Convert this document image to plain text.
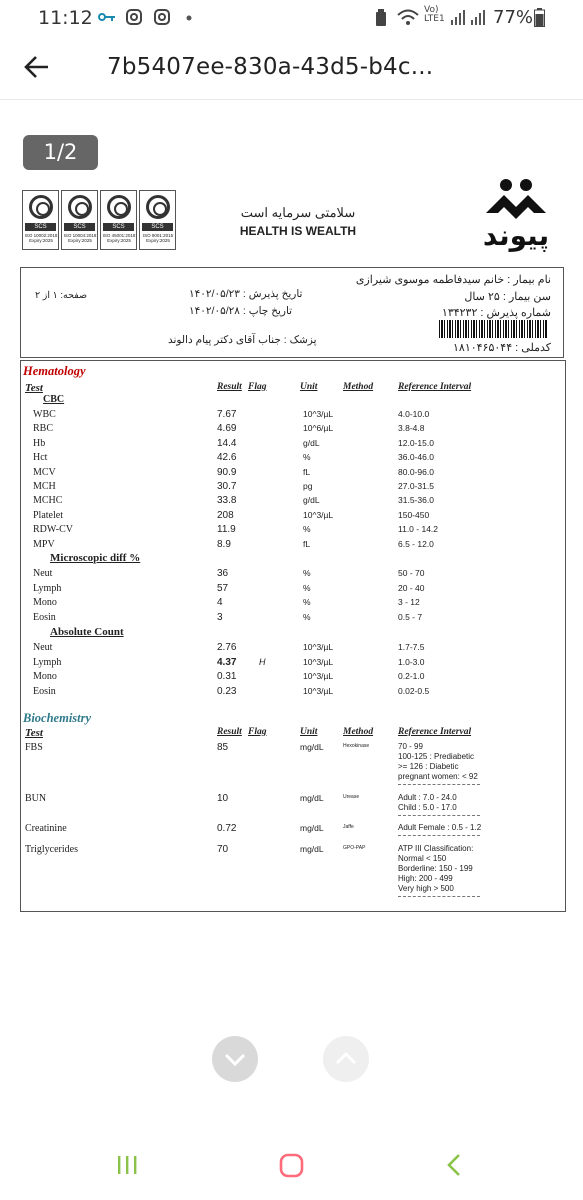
11:12	Vo)
LTE1	77%
7b5407ee-830a-43d5-b4c...
1/2
SCS
ISO 10002:2018 Expiry:2025
SCS
ISO 10004:2018 Expiry:2025
SCS
ISO 45001:2018 Expiry:2025
SCS
ISO 9001:2015 Expiry:2025
سلامتی سرمایه است
HEALTH IS WEALTH	پیوند
نام بیمار : خانم سیدفاطمه موسوی شیرازی
سن بیمار : ۲۵ سال
شماره پذیرش : ۱۳۴۲۳۲
کدملی : ۱۸۱۰۴۶۵۰۴۴
تاریخ پذیرش : ۱۴۰۲/۰۵/۲۳
تاریخ چاپ : ۱۴۰۲/۰۵/۲۸
صفحه: ۱ از ۲
پزشک : جناب آقای دکتر پیام دالوند
Hematology
Test	Result Flag	Unit	Method	Reference Interval
CBC
WBC	7.67	10^3/µL	4.0-10.0
RBC	4.69	10^6/µL	3.8-4.8
Hb	14.4	g/dL	12.0-15.0
Hct	42.6	%	36.0-46.0
MCV	90.9	fL	80.0-96.0
MCH	30.7	pg	27.0-31.5
MCHC	33.8	g/dL	31.5-36.0
Platelet	208	10^3/µL	150-450
RDW-CV	11.9	%	11.0 - 14.2
MPV	8.9	fL	6.5 - 12.0
Microscopic diff %
Neut	36	%	50 - 70
Lymph	57	%	20 - 40
Mono	4	%	3 - 12
Eosin	3	%	0.5 - 7
Absolute Count
Neut	2.76	10^3/µL	1.7-7.5
Lymph	4.37	H	10^3/µL	1.0-3.0
Mono	0.31	10^3/µL	0.2-1.0
Eosin	0.23	10^3/µL	0.02-0.5
Biochemistry
Test	Result Flag	Unit	Method	Reference Interval
FBS	85	mg/dL	Hexokinase	70 - 99
100-125 : Prediabetic
>= 126 : Diabetic
pregnant women: < 92
BUN	10	mg/dL	Urease	Adult : 7.0 - 24.0
Child : 5.0 - 17.0
Creatinine	0.72	mg/dL	Jaffe	Adult Female : 0.5 - 1.2
Triglycerides	70	mg/dL	GPO-PAP	ATP III Classification:
Normal < 150
Borderline: 150 - 199
High: 200 - 499
Very high > 500
